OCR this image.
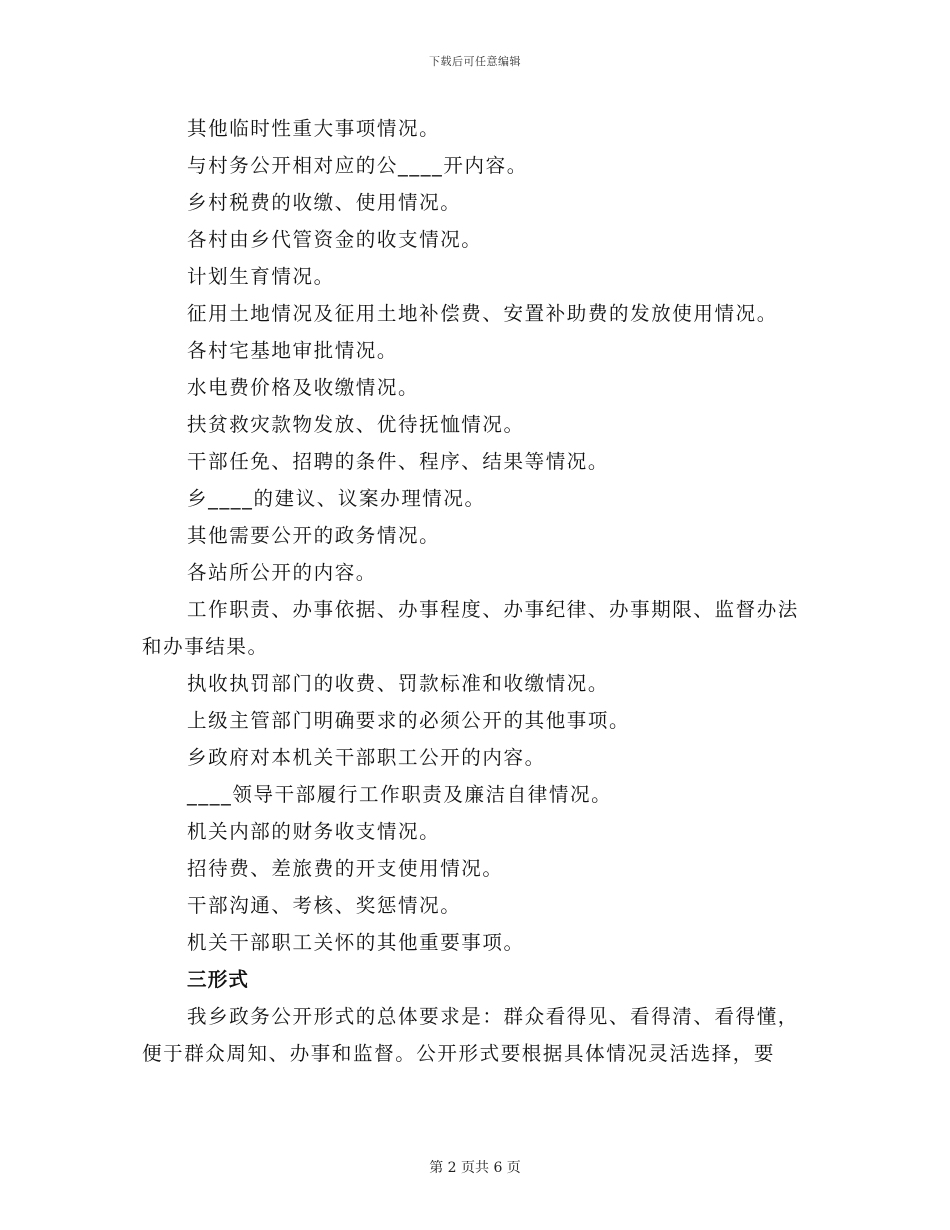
下载后可任意编辑

其他临时性重大事项情况。

与村务公开相对应的公____开内容。

乡村税费的收缴、使用情况。

各村由乡代管资金的收支情况。

计划生育情况。

征用土地情况及征用土地补偿费、安置补助费的发放使用情况。

各村宅基地审批情况。

水电费价格及收缴情况。

扶贫救灾款物发放、优待抚恤情况。

干部任免、招聘的条件、程序、结果等情况。

乡____的建议、议案办理情况。

其他需要公开的政务情况。

各站所公开的内容。

工作职责、办事依据、办事程度、办事纪律、办事期限、监督办法和办事结果。

执收执罚部门的收费、罚款标准和收缴情况。

上级主管部门明确要求的必须公开的其他事项。

乡政府对本机关干部职工公开的内容。

____领导干部履行工作职责及廉洁自律情况。

机关内部的财务收支情况。

招待费、差旅费的开支使用情况。

干部沟通、考核、奖惩情况。

机关干部职工关怀的其他重要事项。

三形式

我乡政务公开形式的总体要求是：群众看得见、看得清、看得懂，便于群众周知、办事和监督。公开形式要根据具体情况灵活选择，要

第 2 页共 6 页
